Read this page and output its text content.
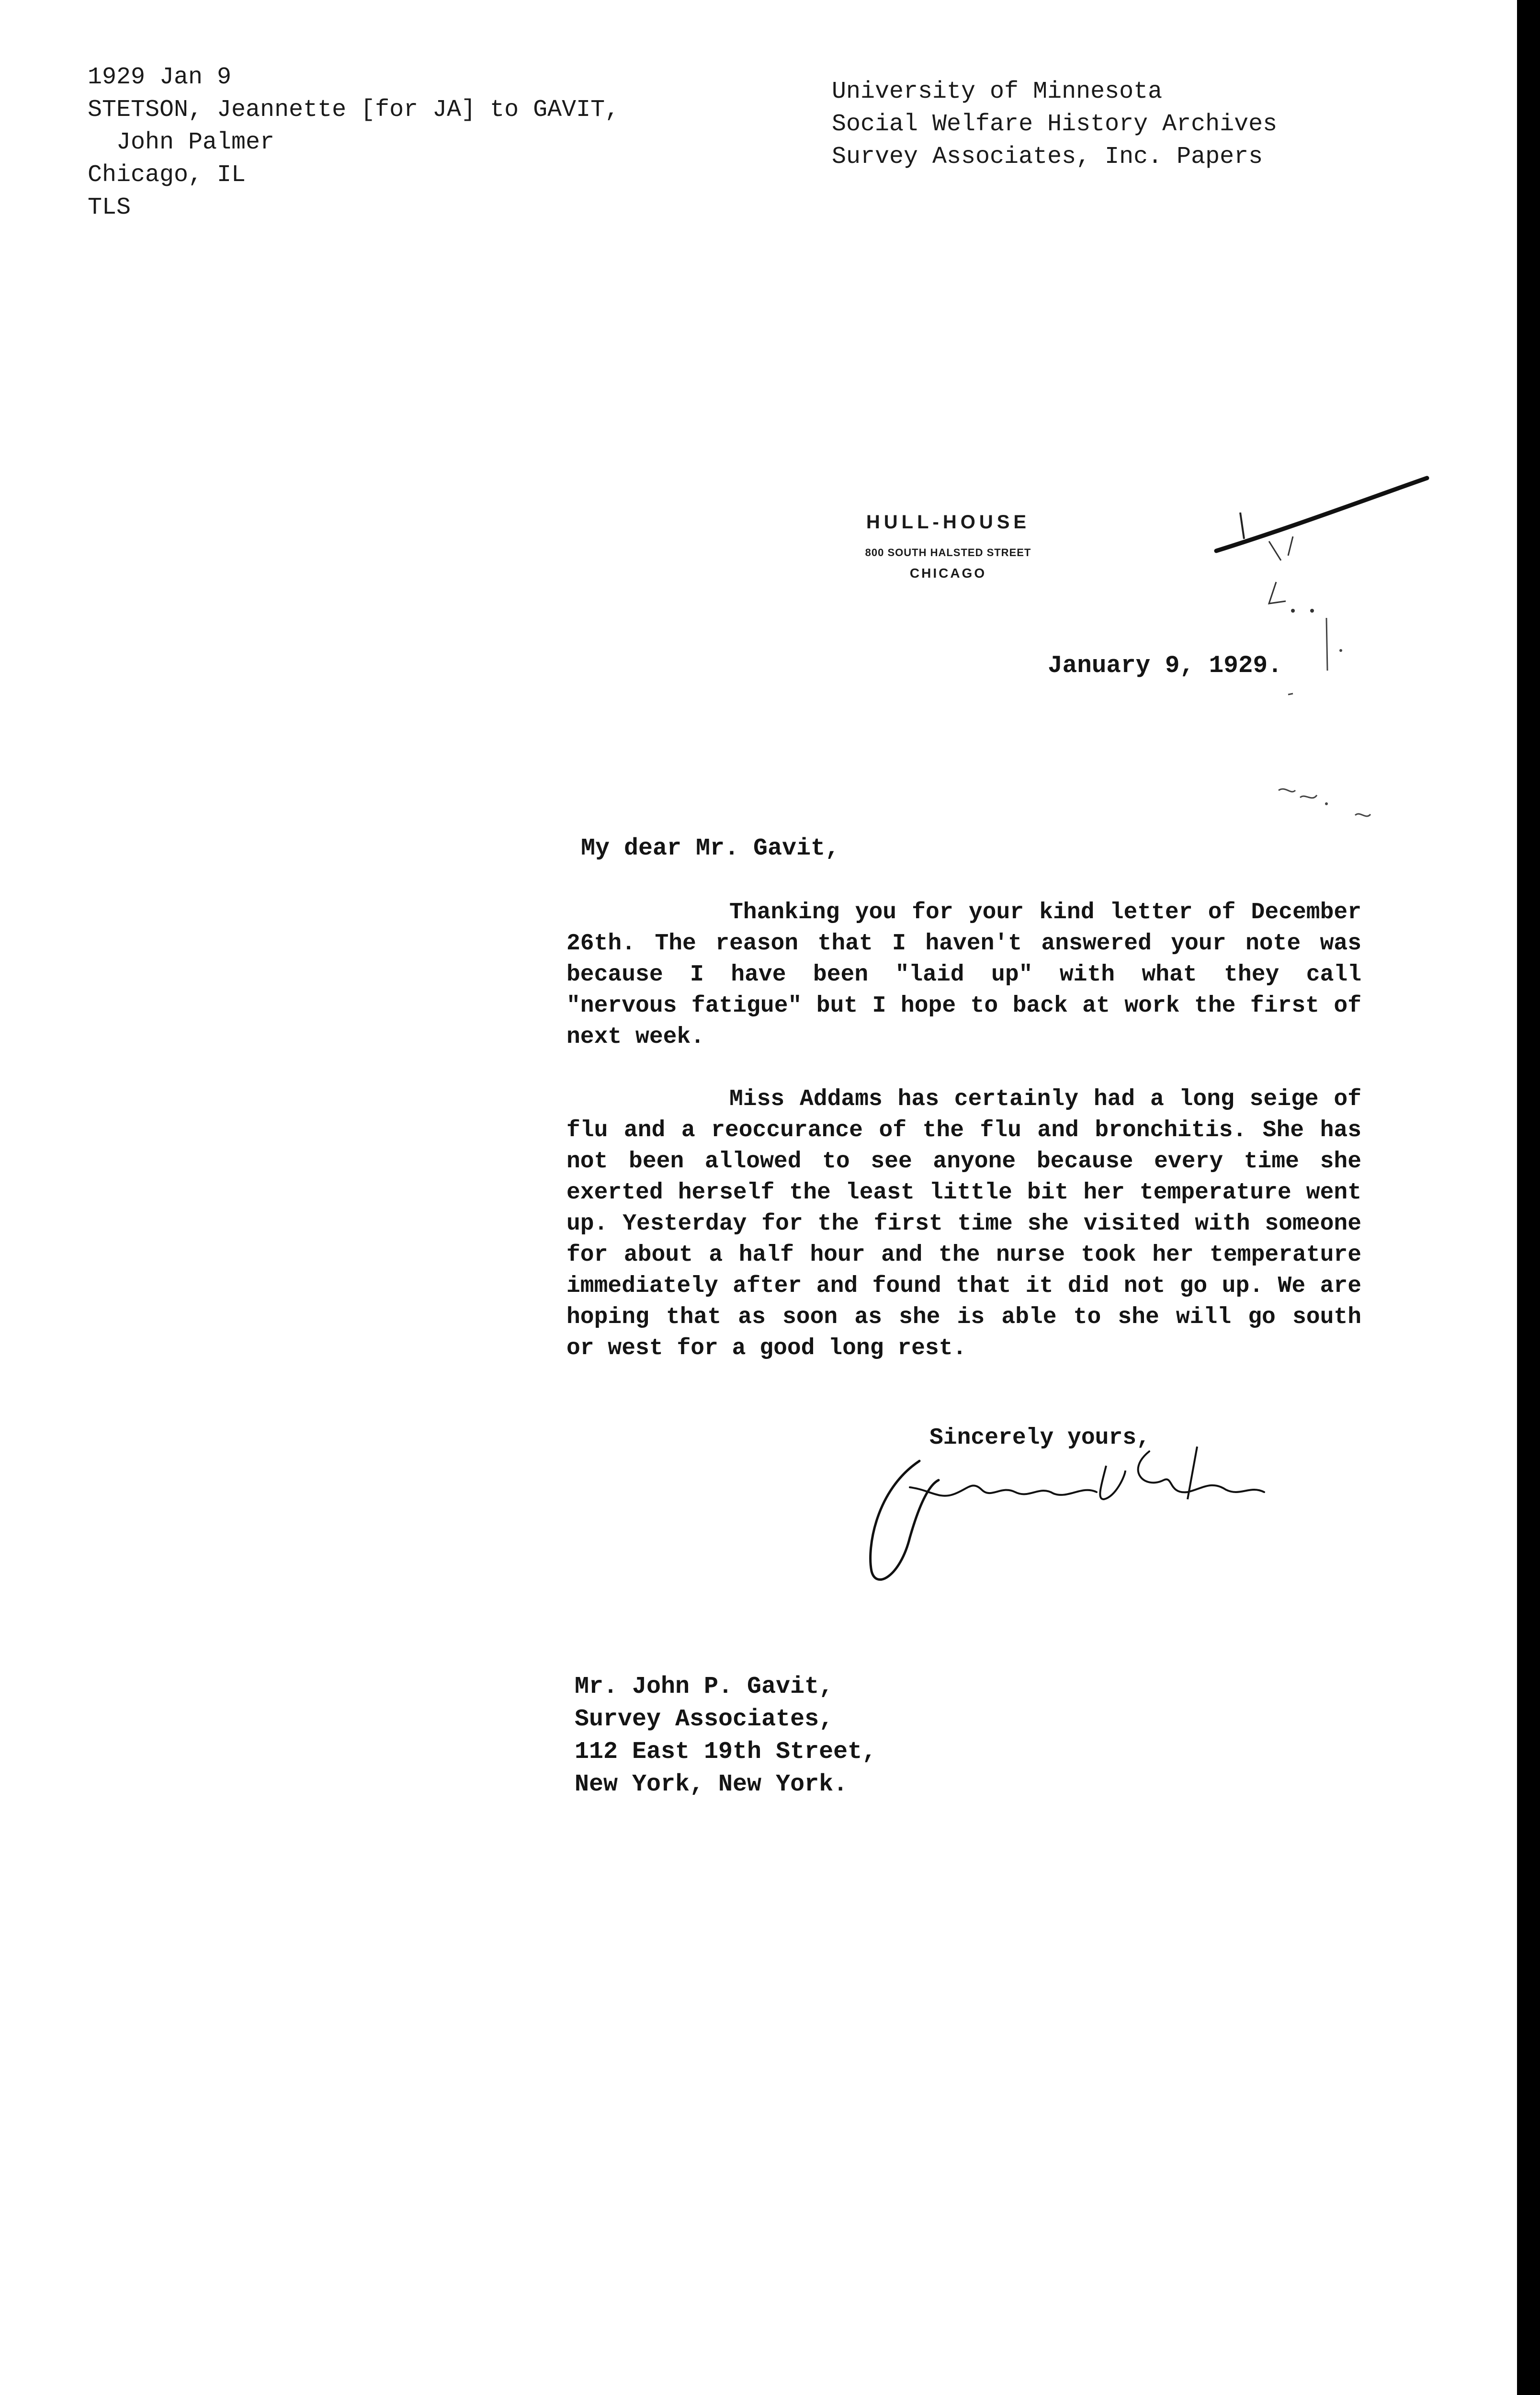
1929 Jan 9
STETSON, Jeannette [for JA] to GAVIT,
John Palmer
Chicago, IL
TLS
University of Minnesota
Social Welfare History Archives
Survey Associates, Inc. Papers
HULL-HOUSE
800 SOUTH HALSTED STREET
CHICAGO
January 9, 1929.
My dear Mr. Gavit,
Thanking you for your kind letter of December 26th. The reason that I haven't answered your note was because I have been "laid up" with what they call "nervous fatigue" but I hope to back at work the first of next week.
Miss Addams has certainly had a long seige of flu and a reoccurance of the flu and bronchitis. She has not been allowed to see anyone because every time she exerted herself the least little bit her temperature went up. Yesterday for the first time she visited with someone for about a half hour and the nurse took her temperature immediately after and found that it did not go up. We are hoping that as soon as she is able to she will go south or west for a good long rest.
Sincerely yours,
Mr. John P. Gavit,
Survey Associates,
112 East 19th Street,
New York, New York.
